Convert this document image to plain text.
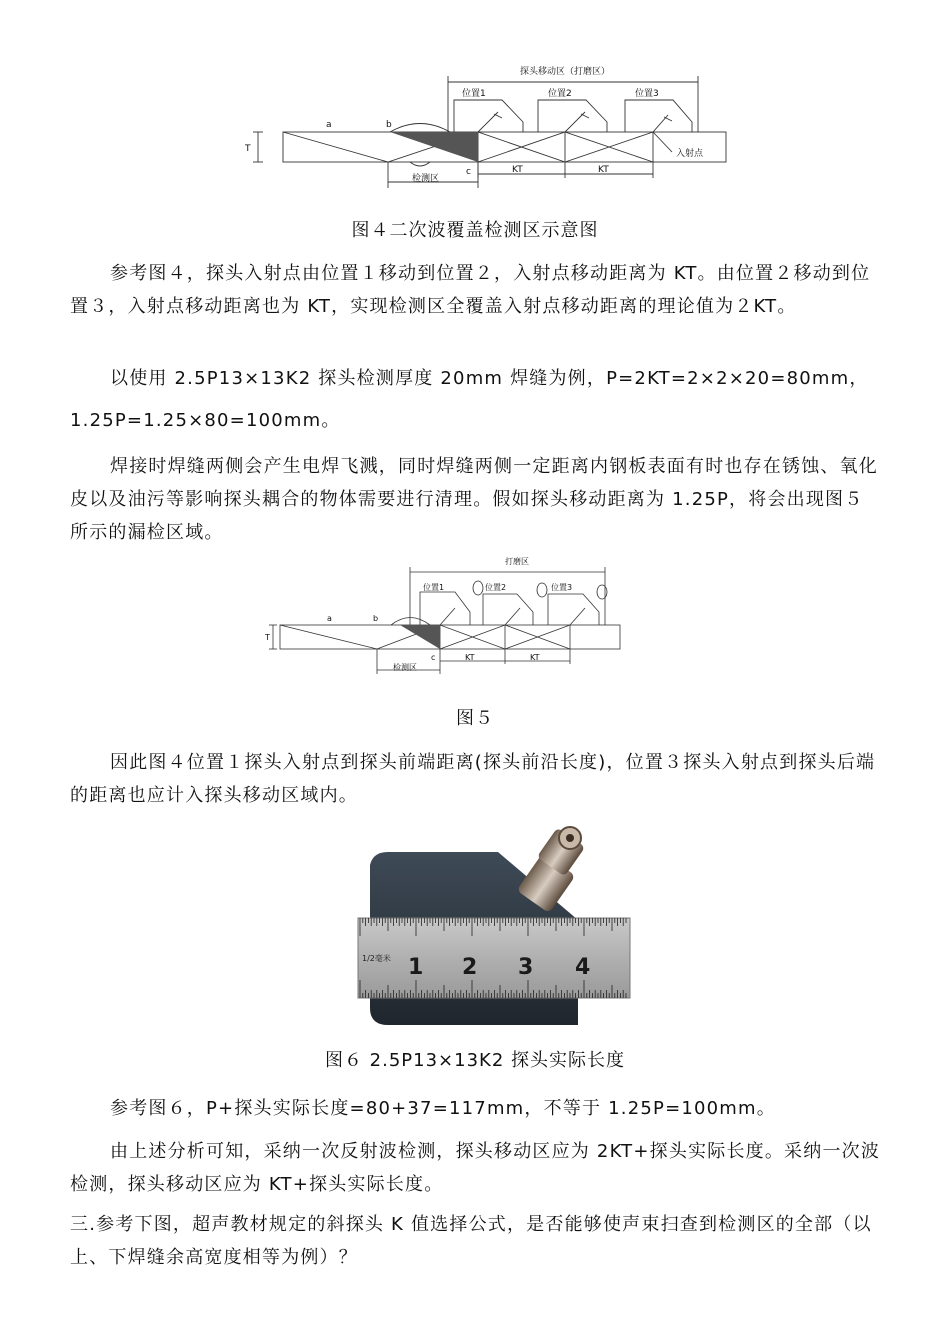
探头移动区（打磨区）
位置1	位置2	位置3
T
a	b
c
检测区
KT	KT
入射点
图４二次波覆盖检测区示意图

参考图４，探头入射点由位置１移动到位置２，入射点移动距离为 KT。由位置２移动到位置３，入射点移动距离也为 KT，实现检测区全覆盖入射点移动距离的理论值为２KT。

以使用 2.5P13×13K2 探头检测厚度 20mm 焊缝为例，P=2KT=2×2×20=80mm，

1.25P=1.25×80=100mm。

焊接时焊缝两侧会产生电焊飞溅，同时焊缝两侧一定距离内钢板表面有时也存在锈蚀、氧化皮以及油污等影响探头耦合的物体需要进行清理。假如探头移动距离为 1.25P，将会出现图５所示的漏检区域。

打磨区
位置1	位置2	位置3
T
a	b
c
检测区
KT	KT
图５

因此图４位置１探头入射点到探头前端距离(探头前沿长度)，位置３探头入射点到探头后端的距离也应计入探头移动区域内。

1/2毫米 1 2 3 4
图６ 2.5P13×13K2 探头实际长度

参考图６，P+探头实际长度=80+37=117mm，不等于 1.25P=100mm。

由上述分析可知，采纳一次反射波检测，探头移动区应为 2KT+探头实际长度。采纳一次波检测，探头移动区应为 KT+探头实际长度。

三.参考下图，超声教材规定的斜探头 K 值选择公式，是否能够使声束扫查到检测区的全部（以上、下焊缝余高宽度相等为例）？
